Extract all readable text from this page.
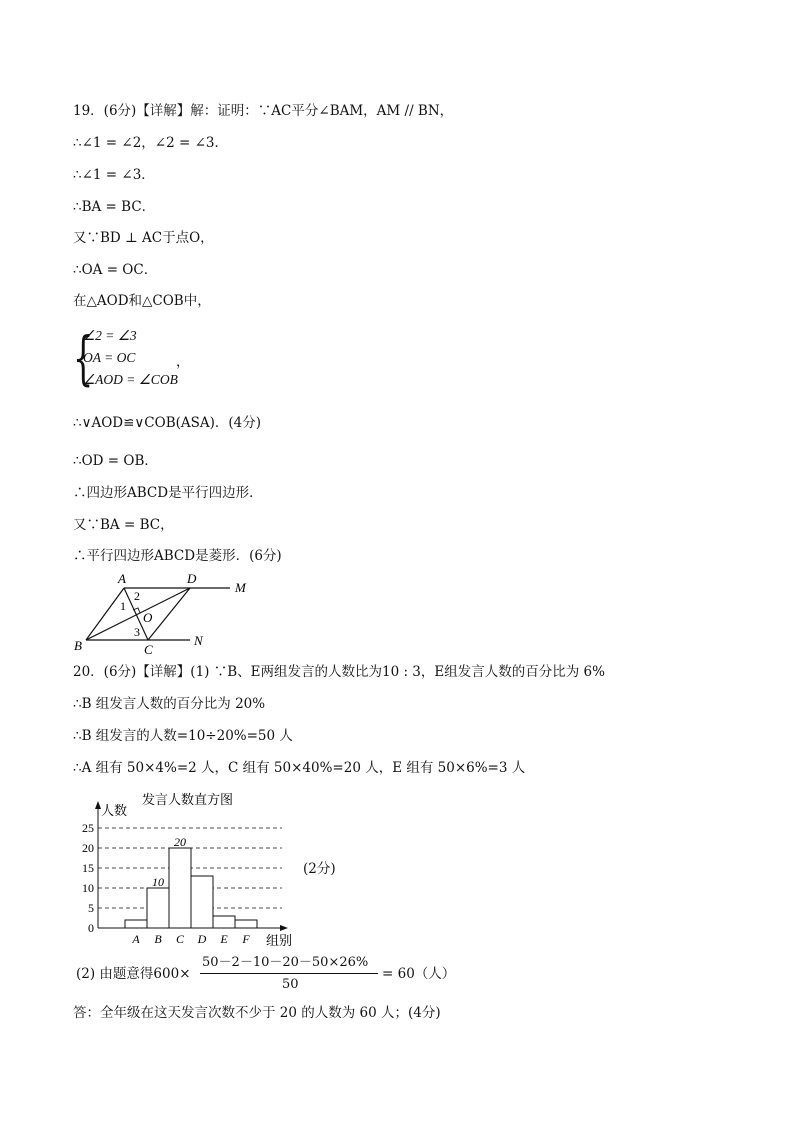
19．(6分)【详解】解：证明：∵AC平分∠BAM，AM // BN，
∴∠1 = ∠2，∠2 = ∠3．
∴∠1 = ∠3．
∴BA = BC．
又∵BD ⊥ AC于点O，
∴OA = OC．
在△AOD和△COB中，
{
∠2 = ∠3
OA = OC
∠AOD = ∠COB
，
∴∨AOD≌∨COB(ASA)．(4分)
∴OD = OB．
∴四边形ABCD是平行四边形．
又∵BA = BC，
∴平行四边形ABCD是菱形．(6分)
A	D
M
B	C
N
O
1
2
3
20．(6分)【详解】(1) ∵B、E两组发言的人数比为10 : 3，E组发言人数的百分比为 6%
∴B 组发言人数的百分比为 20%
∴B 组发言的人数=10÷20%=50 人
∴A 组有 50×4%=2 人，C 组有 50×40%=20 人，E 组有 50×6%=3 人
发言人数直方图
人数
组别
0
5
10
15
20
25
A B C D E F
10
20
(2分)
(2) 由题意得600×
50－2－10－20－50×26%
50
= 60（人）
答：全年级在这天发言次数不少于 20 的人数为 60 人；(4分)
